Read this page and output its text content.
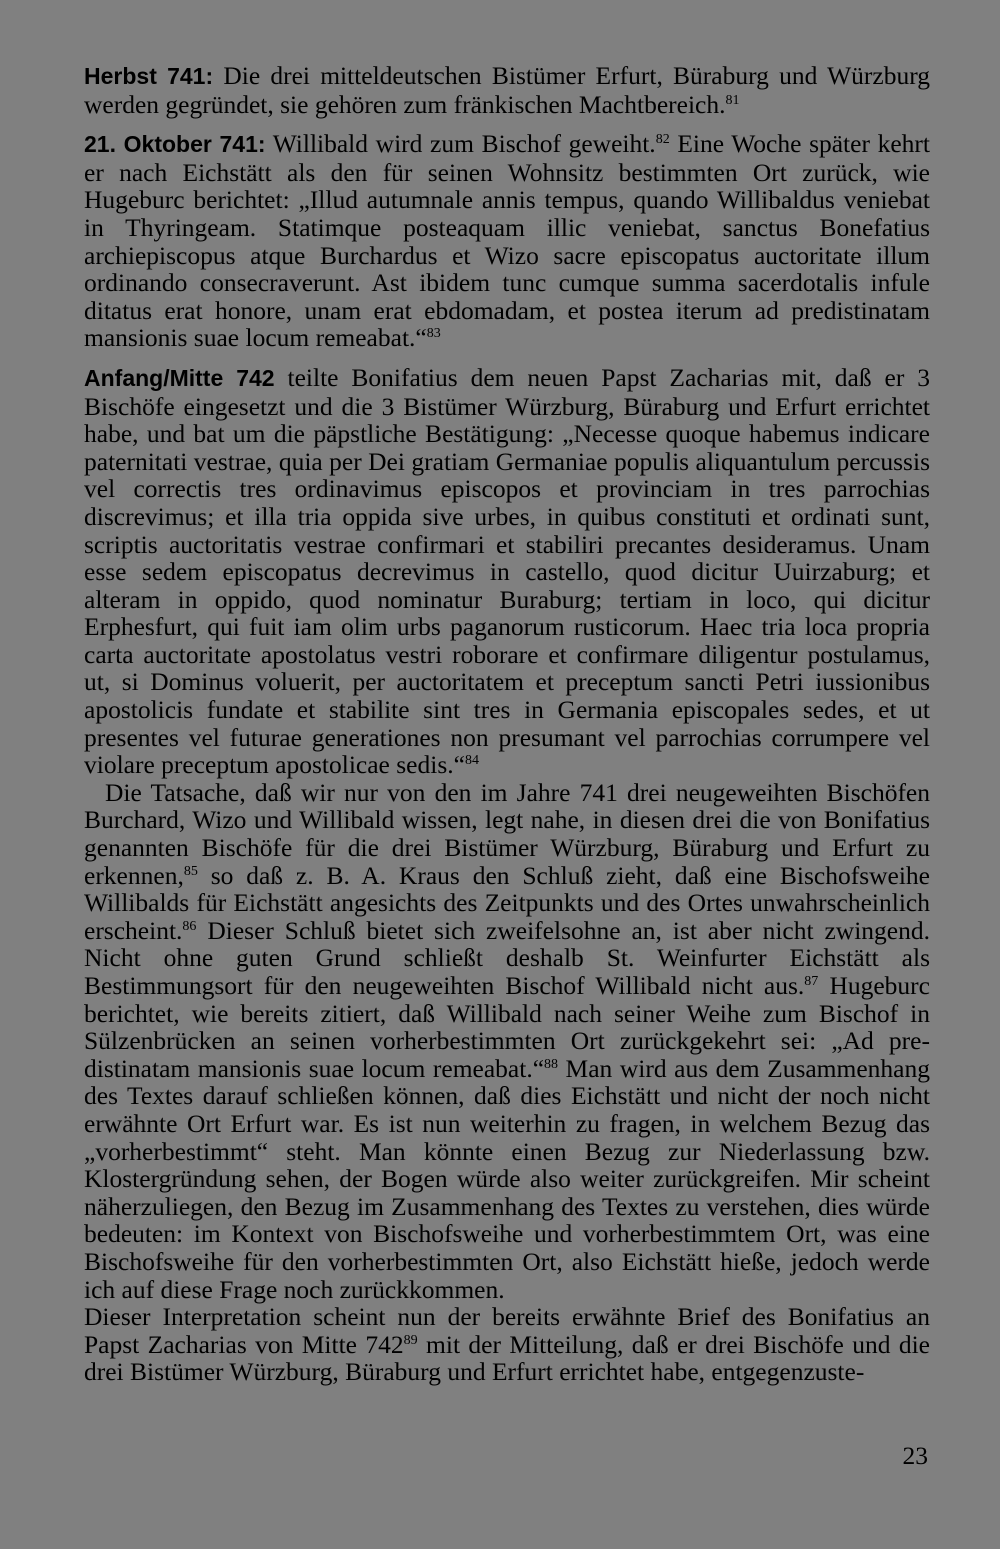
Herbst 741: Die drei mitteldeutschen Bistümer Erfurt, Büraburg und Würzburg werden gegründet, sie gehören zum fränkischen Machtbereich.$^{81}$

21. Oktober 741: Willibald wird zum Bischof geweiht.$^{82}$ Eine Woche später kehrt er nach Eichstätt als den für seinen Wohnsitz bestimmten Ort zurück, wie Hugeburc berichtet: „Illud autumnale annis tempus, quando Willibaldus veniebat in Thyringeam. Statimque posteaquam illic veniebat, sanctus Bonefatius archiepiscopus atque Burchardus et Wizo sacre episcopatus auctoritate illum ordinando consecraverunt. Ast ibidem tunc cumque summa sacerdotalis infule ditatus erat honore, unam erat ebdomadam, et postea iterum ad predistinatam mansionis suae locum remeabat.“$^{83}$

Anfang/Mitte 742 teilte Bonifatius dem neuen Papst Zacharias mit, daß er 3 Bischöfe eingesetzt und die 3 Bistümer Würzburg, Büraburg und Erfurt errichtet habe, und bat um die päpstliche Bestätigung: „Necesse quoque habemus indicare paternitati vestrae, quia per Dei gratiam Germaniae populis aliquantulum percussis vel correctis tres ordinavimus episcopos et provinciam in tres parrochias discrevimus; et illa tria oppida sive urbes, in quibus constituti et ordinati sunt, scriptis auctoritatis vestrae confirmari et stabiliri precantes desideramus. Unam esse sedem episcopatus decrevimus in castello, quod dicitur Uuirzaburg; et alteram in oppido, quod nominatur Buraburg; tertiam in loco, qui dicitur Erphesfurt, qui fuit iam olim urbs paganorum rusticorum. Haec tria loca propria carta auctoritate apostolatus vestri roborare et confirmare diligentur postulamus, ut, si Dominus voluerit, per auctoritatem et preceptum sancti Petri iussionibus apostolicis fundate et stabilite sint tres in Germania episcopales sedes, et ut presentes vel futurae generationes non presumant vel parrochias corrumpere vel violare preceptum apostolicae sedis.“$^{84}$

Die Tatsache, daß wir nur von den im Jahre 741 drei neugeweihten Bischöfen Burchard, Wizo und Willibald wissen, legt nahe, in diesen drei die von Bonifatius genannten Bischöfe für die drei Bistümer Würzburg, Büraburg und Erfurt zu erkennen,$^{85}$ so daß z. B. A. Kraus den Schluß zieht, daß eine Bischofsweihe Willibalds für Eichstätt angesichts des Zeitpunkts und des Ortes unwahrscheinlich erscheint.$^{86}$ Dieser Schluß bietet sich zweifelsohne an, ist aber nicht zwingend. Nicht ohne guten Grund schließt deshalb St. Weinfurter Eichstätt als Bestimmungsort für den neugeweihten Bischof Willibald nicht aus.$^{87}$ Hugeburc berichtet, wie bereits zitiert, daß Willibald nach seiner Weihe zum Bischof in Sülzenbrücken an seinen vorherbestimmten Ort zurückgekehrt sei: „Ad predistinatam mansionis suae locum remeabat.“$^{88}$ Man wird aus dem Zusammenhang des Textes darauf schließen können, daß dies Eichstätt und nicht der noch nicht erwähnte Ort Erfurt war. Es ist nun weiterhin zu fragen, in welchem Bezug das „vorherbestimmt“ steht. Man könnte einen Bezug zur Niederlassung bzw. Klostergründung sehen, der Bogen würde also weiter zurückgreifen. Mir scheint näherzuliegen, den Bezug im Zusammenhang des Textes zu verstehen, dies würde bedeuten: im Kontext von Bischofsweihe und vorherbestimmtem Ort, was eine Bischofsweihe für den vorherbestimmten Ort, also Eichstätt hieße, jedoch werde ich auf diese Frage noch zurückkommen.

Dieser Interpretation scheint nun der bereits erwähnte Brief des Bonifatius an Papst Zacharias von Mitte $742^{89}$ mit der Mitteilung, daß er drei Bischöfe und die drei Bistümer Würzburg, Büraburg und Erfurt errichtet habe, entgegenzuste-

23
